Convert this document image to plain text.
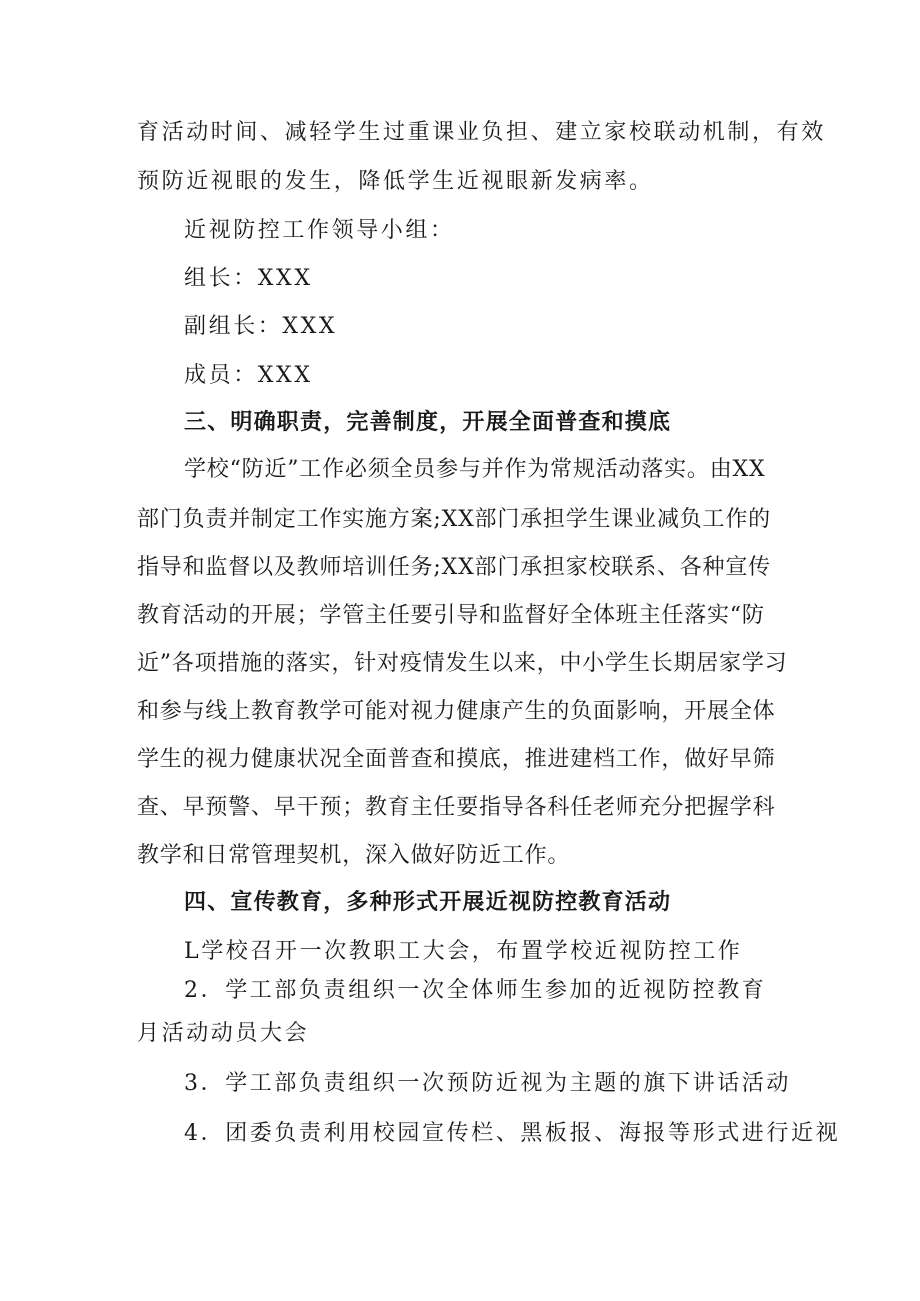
育活动时间、减轻学生过重课业负担、建立家校联动机制，有效
预防近视眼的发生，降低学生近视眼新发病率。
近视防控工作领导小组：
组长：XXX
副组长：XXX
成员：XXX
三、明确职责，完善制度，开展全面普查和摸底
学校“防近”工作必须全员参与并作为常规活动落实。由XX
部门负责并制定工作实施方案;XX部门承担学生课业减负工作的
指导和监督以及教师培训任务;XX部门承担家校联系、各种宣传
教育活动的开展；学管主任要引导和监督好全体班主任落实“防
近”各项措施的落实，针对疫情发生以来，中小学生长期居家学习
和参与线上教育教学可能对视力健康产生的负面影响，开展全体
学生的视力健康状况全面普查和摸底，推进建档工作，做好早筛
查、早预警、早干预；教育主任要指导各科任老师充分把握学科
教学和日常管理契机，深入做好防近工作。
四、宣传教育，多种形式开展近视防控教育活动
L学校召开一次教职工大会，布置学校近视防控工作
2．学工部负责组织一次全体师生参加的近视防控教育
月活动动员大会
3．学工部负责组织一次预防近视为主题的旗下讲话活动
4．团委负责利用校园宣传栏、黑板报、海报等形式进行近视
